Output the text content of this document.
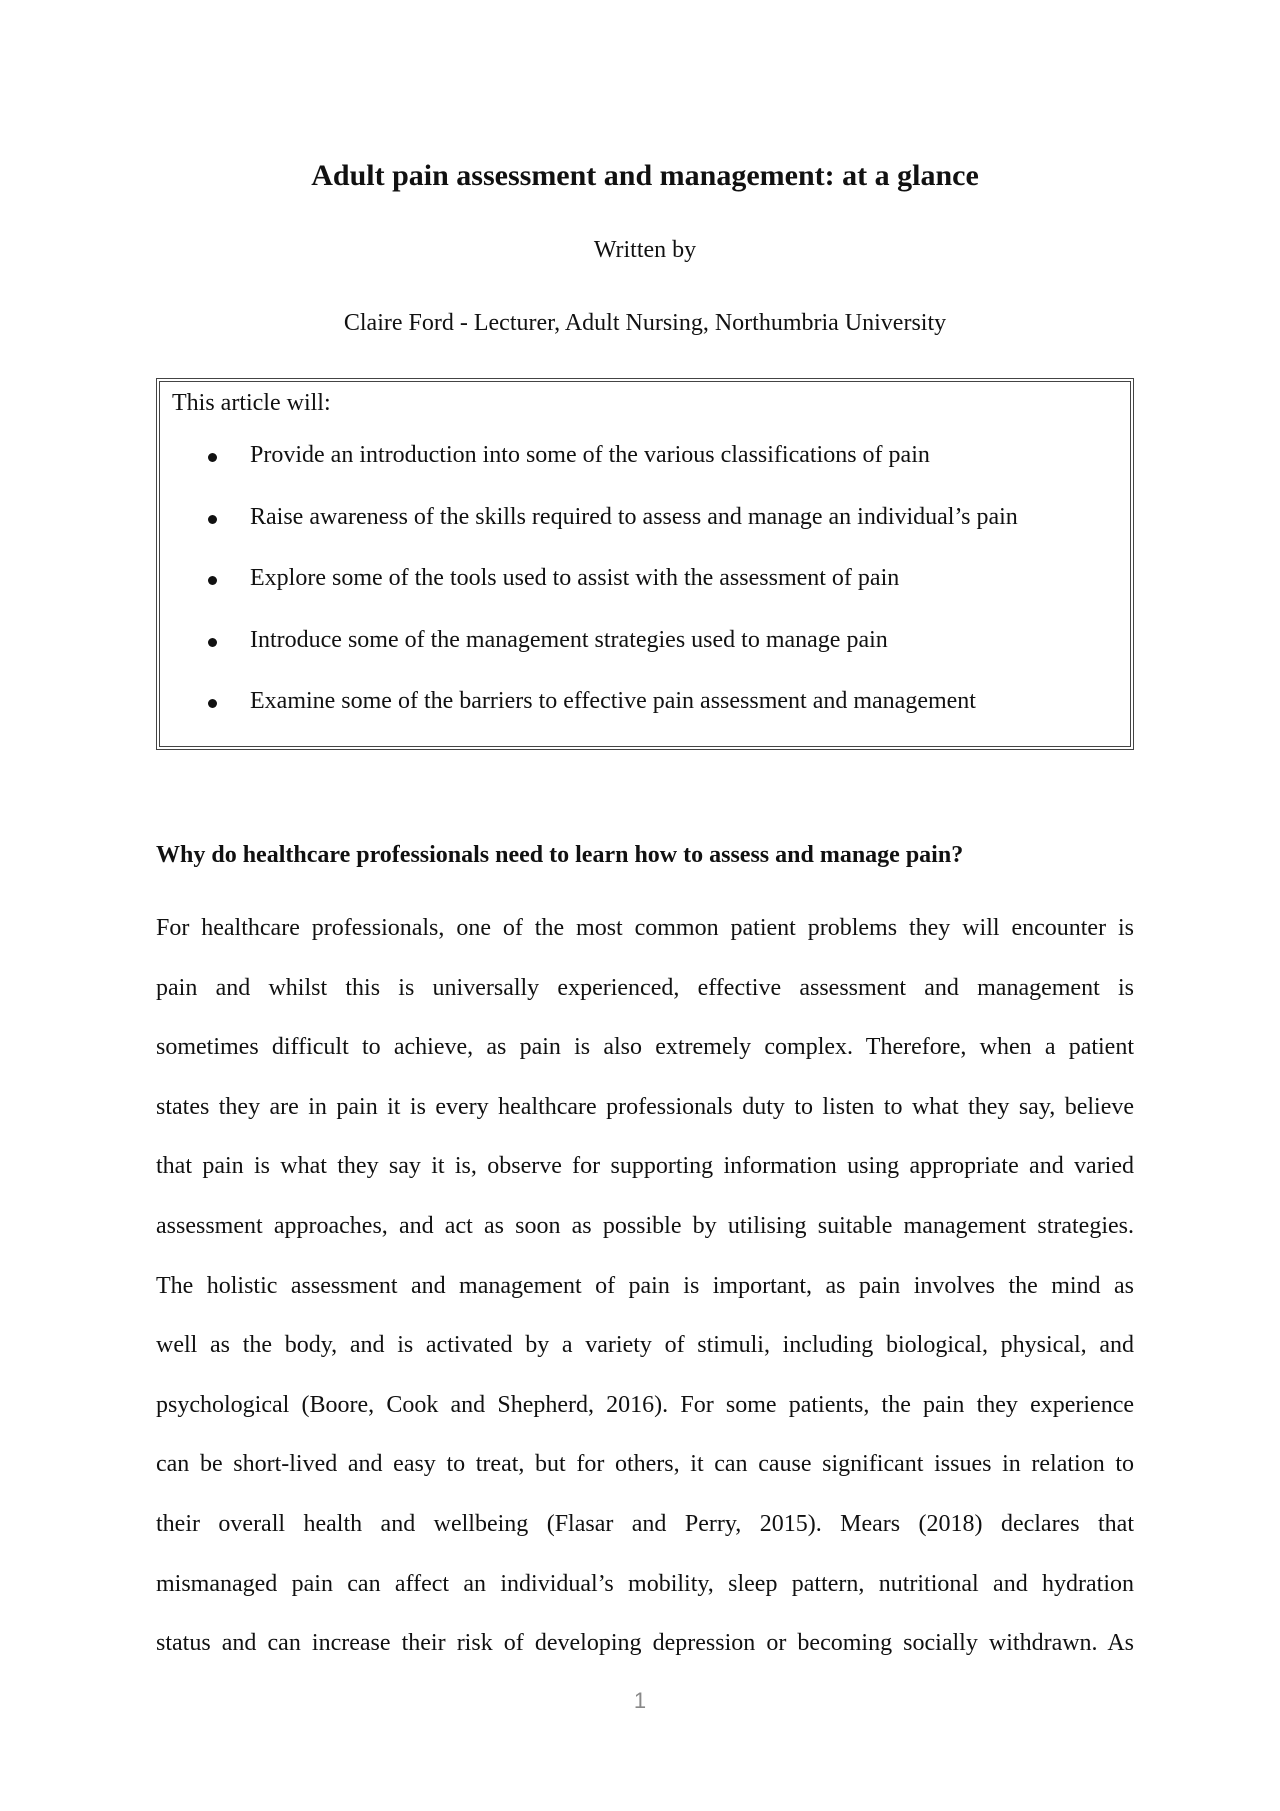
Adult pain assessment and management: at a glance
Written by
Claire Ford - Lecturer, Adult Nursing, Northumbria University
This article will:
Provide an introduction into some of the various classifications of pain
Raise awareness of the skills required to assess and manage an individual’s pain
Explore some of the tools used to assist with the assessment of pain
Introduce some of the management strategies used to manage pain
Examine some of the barriers to effective pain assessment and management
Why do healthcare professionals need to learn how to assess and manage pain?
For healthcare professionals, one of the most common patient problems they will encounter is
pain and whilst this is universally experienced, effective assessment and management is
sometimes difficult to achieve, as pain is also extremely complex. Therefore, when a patient
states they are in pain it is every healthcare professionals duty to listen to what they say, believe
that pain is what they say it is, observe for supporting information using appropriate and varied
assessment approaches, and act as soon as possible by utilising suitable management strategies.
The holistic assessment and management of pain is important, as pain involves the mind as
well as the body, and is activated by a variety of stimuli, including biological, physical, and
psychological (Boore, Cook and Shepherd, 2016). For some patients, the pain they experience
can be short-lived and easy to treat, but for others, it can cause significant issues in relation to
their overall health and wellbeing (Flasar and Perry, 2015). Mears (2018) declares that
mismanaged pain can affect an individual’s mobility, sleep pattern, nutritional and hydration
status and can increase their risk of developing depression or becoming socially withdrawn. As
1
